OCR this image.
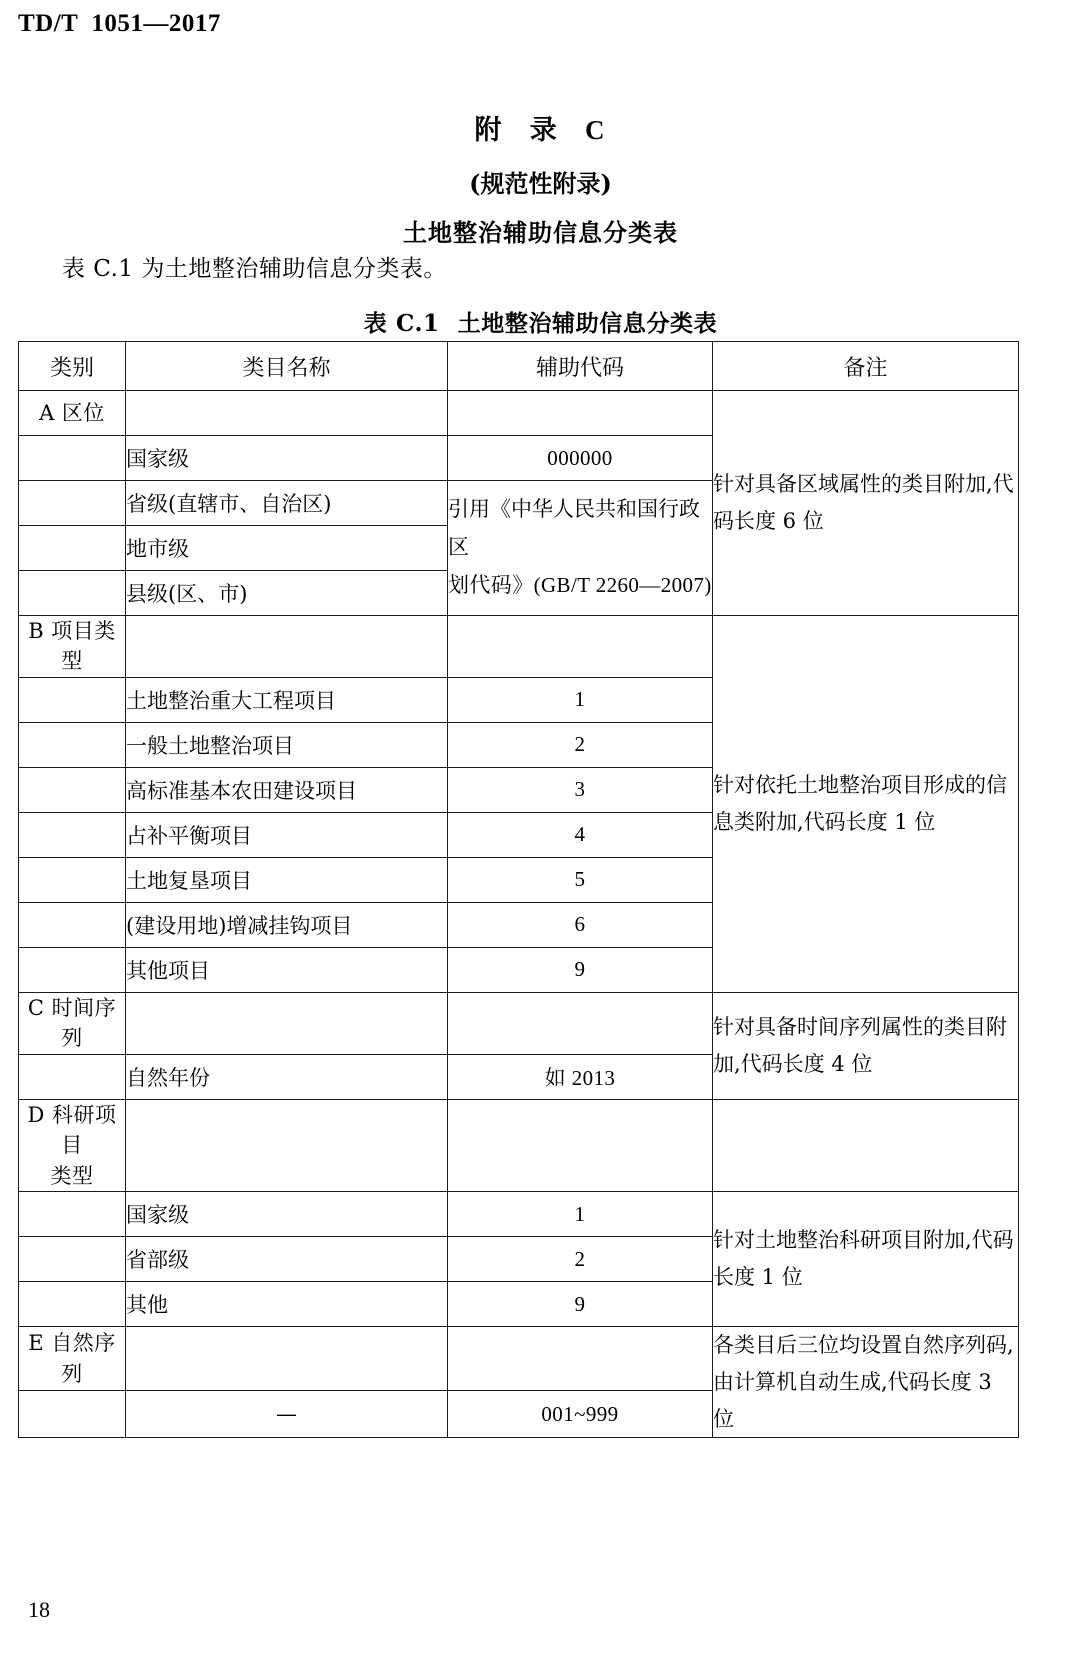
TD/T  1051—2017
附   录   C
(规范性附录)
土地整治辅助信息分类表
表 C.1 为土地整治辅助信息分类表。
表 C.1 土地整治辅助信息分类表
类别	类目名称	辅助代码	备注
A 区位			针对具备区域属性的类目附加,代码长度 6 位
	国家级	000000	
	省级(直辖市、自治区)	引用《中华人民共和国行政区
划代码》(GB/T 2260—2007)	

	地市级		
	县级(区、市)		
B 项目类型			针对依托土地整治项目形成的信息类附加,代码长度 1 位
	土地整治重大工程项目	1	
	一般土地整治项目	2	
	高标准基本农田建设项目	3	
	占补平衡项目	4	
	土地复垦项目	5	
	(建设用地)增减挂钩项目	6	
	其他项目	9	
C 时间序列			针对具备时间序列属性的类目附加,代码长度 4 位
	自然年份	如 2013	

D 科研项目
类型			

	国家级	1	针对土地整治科研项目附加,代码长度 1 位
	省部级	2	
	其他	9	
E 自然序列			各类目后三位均设置自然序列码,由计算机自动生成,代码长度 3 位
	—	001~999	
18
